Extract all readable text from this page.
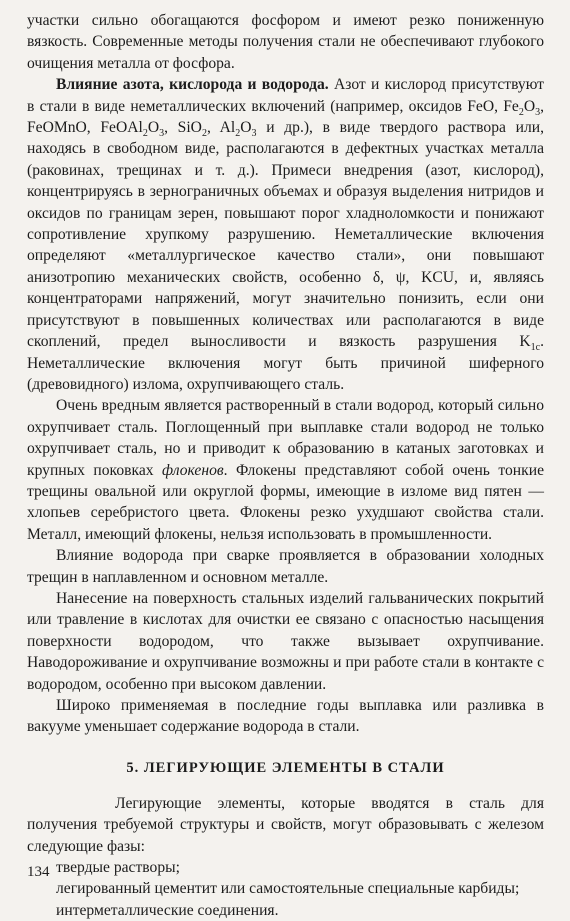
участки сильно обогащаются фосфором и имеют резко пониженную вязкость. Современные методы получения стали не обеспечивают глубокого очищения металла от фосфора.

Влияние азота, кислорода и водорода. Азот и кислород присутствуют в стали в виде неметаллических включений (например, оксидов FeO, $Fe_2O_3$, FeOMnO, $FeOAl_2O_3$, SiO$_2$, $Al_2O_3$ и др.), в виде твердого раствора или, находясь в свободном виде, располагаются в дефектных участках металла (раковинах, трещинах и т. д.). Примеси внедрения (азот, кислород), концентрируясь в зернограничных объемах и образуя выделения нитридов и оксидов по границам зерен, повышают порог хладноломкости и понижают сопротивление хрупкому разрушению. Неметаллические включения определяют «металлургическое качество стали», они повышают анизотропию механических свойств, особенно δ, ψ, KCU, и, являясь концентраторами напряжений, могут значительно понизить, если они присутствуют в повышенных количествах или располагаются в виде скоплений, предел выносливости и вязкость разрушения $K_{1c}$. Неметаллические включения могут быть причиной шиферного (древовидного) излома, охрупчивающего сталь.

Очень вредным является растворенный в стали водород, который сильно охрупчивает сталь. Поглощенный при выплавке стали водород не только охрупчивает сталь, но и приводит к образованию в катаных заготовках и крупных поковках флокенов. Флокены представляют собой очень тонкие трещины овальной или округлой формы, имеющие в изломе вид пятен — хлопьев серебристого цвета. Флокены резко ухудшают свойства стали. Металл, имеющий флокены, нельзя использовать в промышленности.

Влияние водорода при сварке проявляется в образовании холодных трещин в наплавленном и основном металле.

Нанесение на поверхность стальных изделий гальванических покрытий или травление в кислотах для очистки ее связано с опасностью насыщения поверхности водородом, что также вызывает охрупчивание. Наводороживание и охрупчивание возможны и при работе стали в контакте с водородом, особенно при высоком давлении.

Широко применяемая в последние годы выплавка или разливка в вакууме уменьшает содержание водорода в стали.

5. ЛЕГИРУЮЩИЕ ЭЛЕМЕНТЫ В СТАЛИ

Легирующие элементы, которые вводятся в сталь для получения требуемой структуры и свойств, могут образовывать с железом следующие фазы:

твердые растворы;

легированный цементит или самостоятельные специальные карбиды;

интерметаллические соединения.

134
